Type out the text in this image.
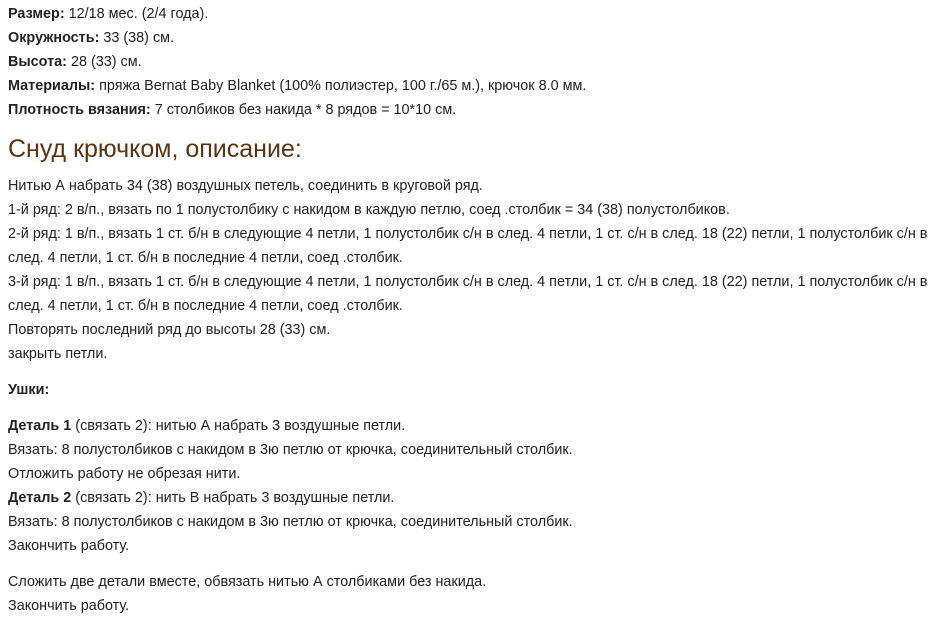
Размер: 12/18 мес. (2/4 года).
Окружность: 33 (38) см.
Высота: 28 (33) см.
Материалы: пряжа Bernat Baby Blanket (100% полиэстер, 100 г./65 м.), крючок 8.0 мм.
Плотность вязания: 7 столбиков без накида * 8 рядов = 10*10 см.
Снуд крючком, описание:
Нитью А набрать 34 (38) воздушных петель, соединить в круговой ряд.
1-й ряд: 2 в/п., вязать по 1 полустолбику с накидом в каждую петлю, соед .столбик = 34 (38) полустолбиков.
2-й ряд: 1 в/п., вязать 1 ст. б/н в следующие 4 петли, 1 полустолбик с/н в след. 4 петли, 1 ст. с/н в след. 18 (22) петли, 1 полустолбик с/н в след. 4 петли, 1 ст. б/н в последние 4 петли, соед .столбик.
3-й ряд: 1 в/п., вязать 1 ст. б/н в следующие 4 петли, 1 полустолбик с/н в след. 4 петли, 1 ст. с/н в след. 18 (22) петли, 1 полустолбик с/н в след. 4 петли, 1 ст. б/н в последние 4 петли, соед .столбик.
Повторять последний ряд до высоты 28 (33) см.
закрыть петли.
Ушки:
Деталь 1 (связать 2): нитью А набрать 3 воздушные петли.
Вязать: 8 полустолбиков с накидом в 3ю петлю от крючка, соединительный столбик.
Отложить работу не обрезая нити.
Деталь 2 (связать 2): нить В набрать 3 воздушные петли.
Вязать: 8 полустолбиков с накидом в 3ю петлю от крючка, соединительный столбик.
Закончить работу.
Сложить две детали вместе, обвязать нитью А столбиками без накида.
Закончить работу.
